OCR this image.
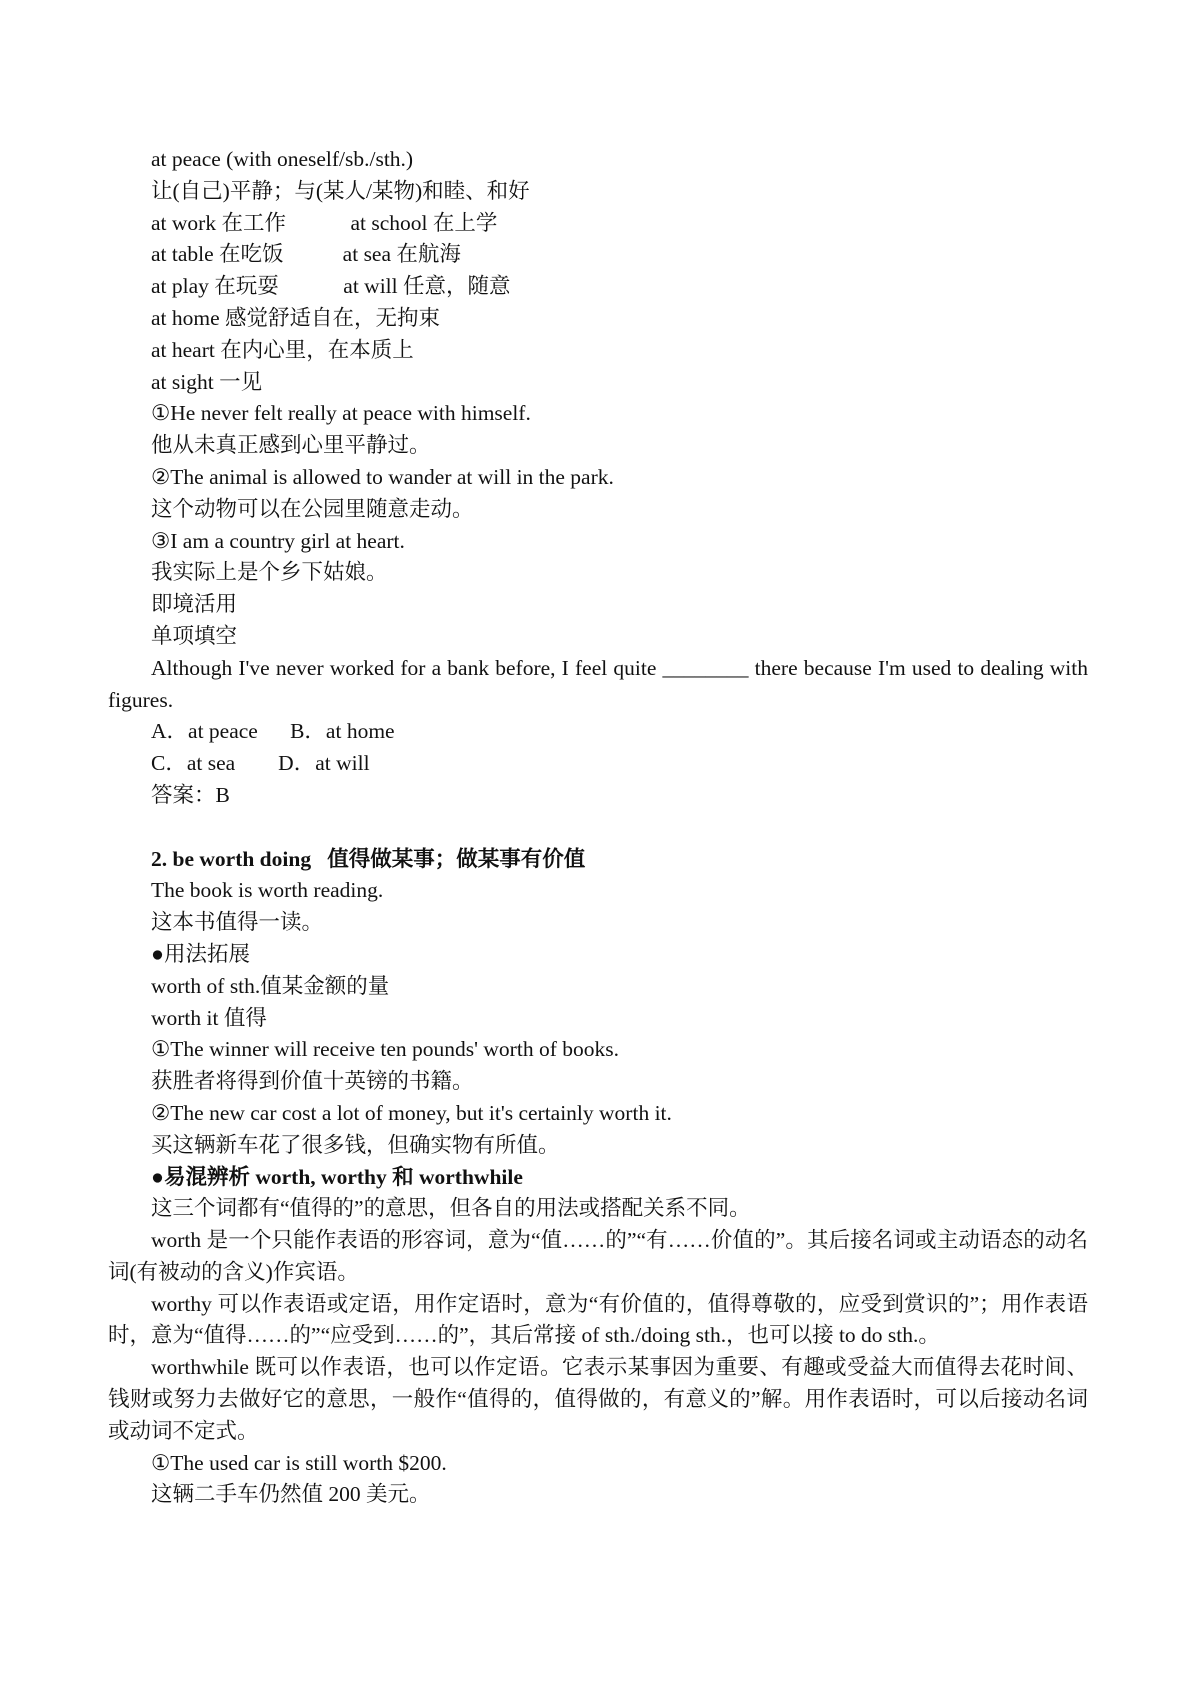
at peace (with oneself/sb./sth.)
让(自己)平静；与(某人/某物)和睦、和好
at work 在工作            at school 在上学
at table 在吃饭           at sea 在航海
at play 在玩耍            at will 任意，随意
at home 感觉舒适自在，无拘束
at heart 在内心里，在本质上
at sight 一见
①He never felt really at peace with himself.
他从未真正感到心里平静过。
②The animal is allowed to wander at will in the park.
这个动物可以在公园里随意走动。
③I am a country girl at heart.
我实际上是个乡下姑娘。
即境活用
单项填空
Although I've never worked for a bank before, I feel quite ________ there because I'm used to dealing with figures.
A．at peace      B．at home
C．at sea        D．at will
答案：B
2. be worth doing   值得做某事；做某事有价值
The book is worth reading.
这本书值得一读。
●用法拓展
worth of sth.值某金额的量
worth it 值得
①The winner will receive ten pounds' worth of books.
获胜者将得到价值十英镑的书籍。
②The new car cost a lot of money, but it's certainly worth it.
买这辆新车花了很多钱，但确实物有所值。
●易混辨析 worth, worthy 和 worthwhile
这三个词都有“值得的”的意思，但各自的用法或搭配关系不同。
worth 是一个只能作表语的形容词，意为“值……的”“有……价值的”。其后接名词或主动语态的动名词(有被动的含义)作宾语。
worthy 可以作表语或定语，用作定语时，意为“有价值的，值得尊敬的，应受到赏识的”；用作表语时，意为“值得……的”“应受到……的”，其后常接 of sth./doing sth.，也可以接 to do sth.。
worthwhile 既可以作表语，也可以作定语。它表示某事因为重要、有趣或受益大而值得去花时间、钱财或努力去做好它的意思，一般作“值得的，值得做的，有意义的”解。用作表语时，可以后接动名词或动词不定式。
①The used car is still worth $200.
这辆二手车仍然值 200 美元。
